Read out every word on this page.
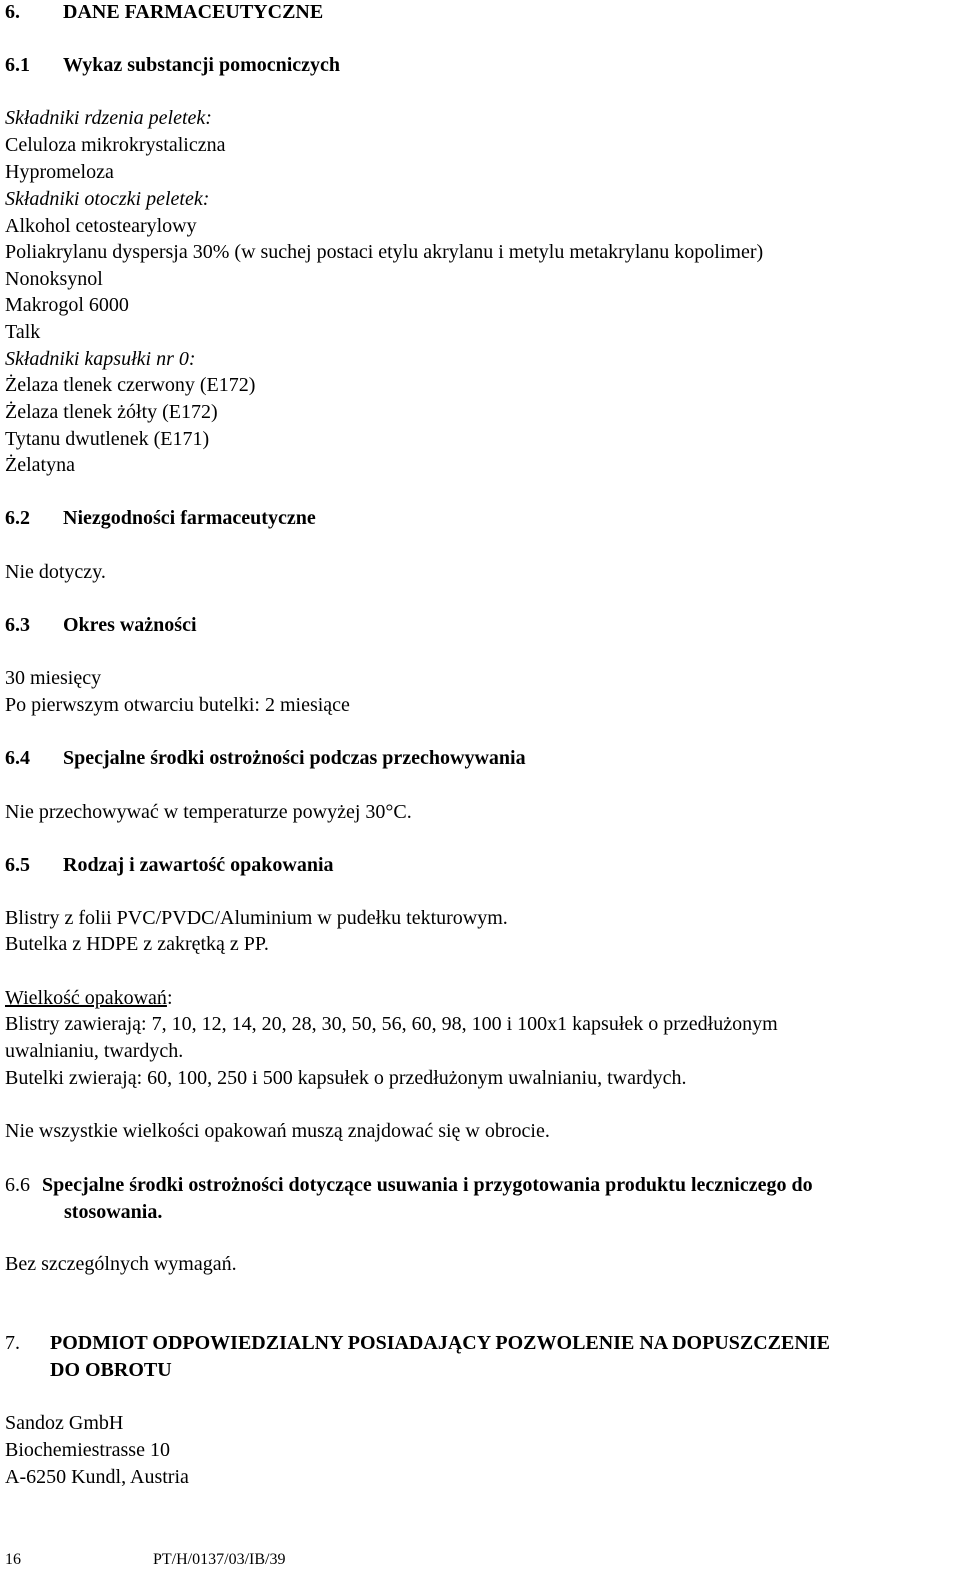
6. DANE FARMACEUTYCZNE
6.1 Wykaz substancji pomocniczych
Składniki rdzenia peletek:
Celuloza mikrokrystaliczna
Hypromeloza
Składniki otoczki peletek:
Alkohol cetostearylowy
Poliakrylanu dyspersja 30% (w suchej postaci etylu akrylanu i metylu metakrylanu kopolimer)
Nonoksynol
Makrogol 6000
Talk
Składniki kapsułki nr 0:
Żelaza tlenek czerwony (E172)
Żelaza tlenek żółty (E172)
Tytanu dwutlenek (E171)
Żelatyna
6.2 Niezgodności farmaceutyczne
Nie dotyczy.
6.3 Okres ważności
30 miesięcy
Po pierwszym otwarciu butelki: 2 miesiące
6.4 Specjalne środki ostrożności podczas przechowywania
Nie przechowywać w temperaturze powyżej 30°C.
6.5 Rodzaj i zawartość opakowania
Blistry z folii PVC/PVDC/Aluminium w pudełku tekturowym.
Butelka z HDPE z zakrętką z PP.
Wielkość opakowań:
Blistry zawierają: 7, 10, 12, 14, 20, 28, 30, 50, 56, 60, 98, 100 i 100x1 kapsułek o przedłużonym
uwalnianiu, twardych.
Butelki zwierają: 60, 100, 250 i 500 kapsułek o przedłużonym uwalnianiu, twardych.
Nie wszystkie wielkości opakowań muszą znajdować się w obrocie.
6.6 Specjalne środki ostrożności dotyczące usuwania i przygotowania produktu leczniczego do
stosowania.
Bez szczególnych wymagań.
7. PODMIOT ODPOWIEDZIALNY POSIADAJĄCY POZWOLENIE NA DOPUSZCZENIE
DO OBROTU
Sandoz GmbH
Biochemiestrasse 10
A-6250 Kundl, Austria
16	PT/H/0137/03/IB/39
